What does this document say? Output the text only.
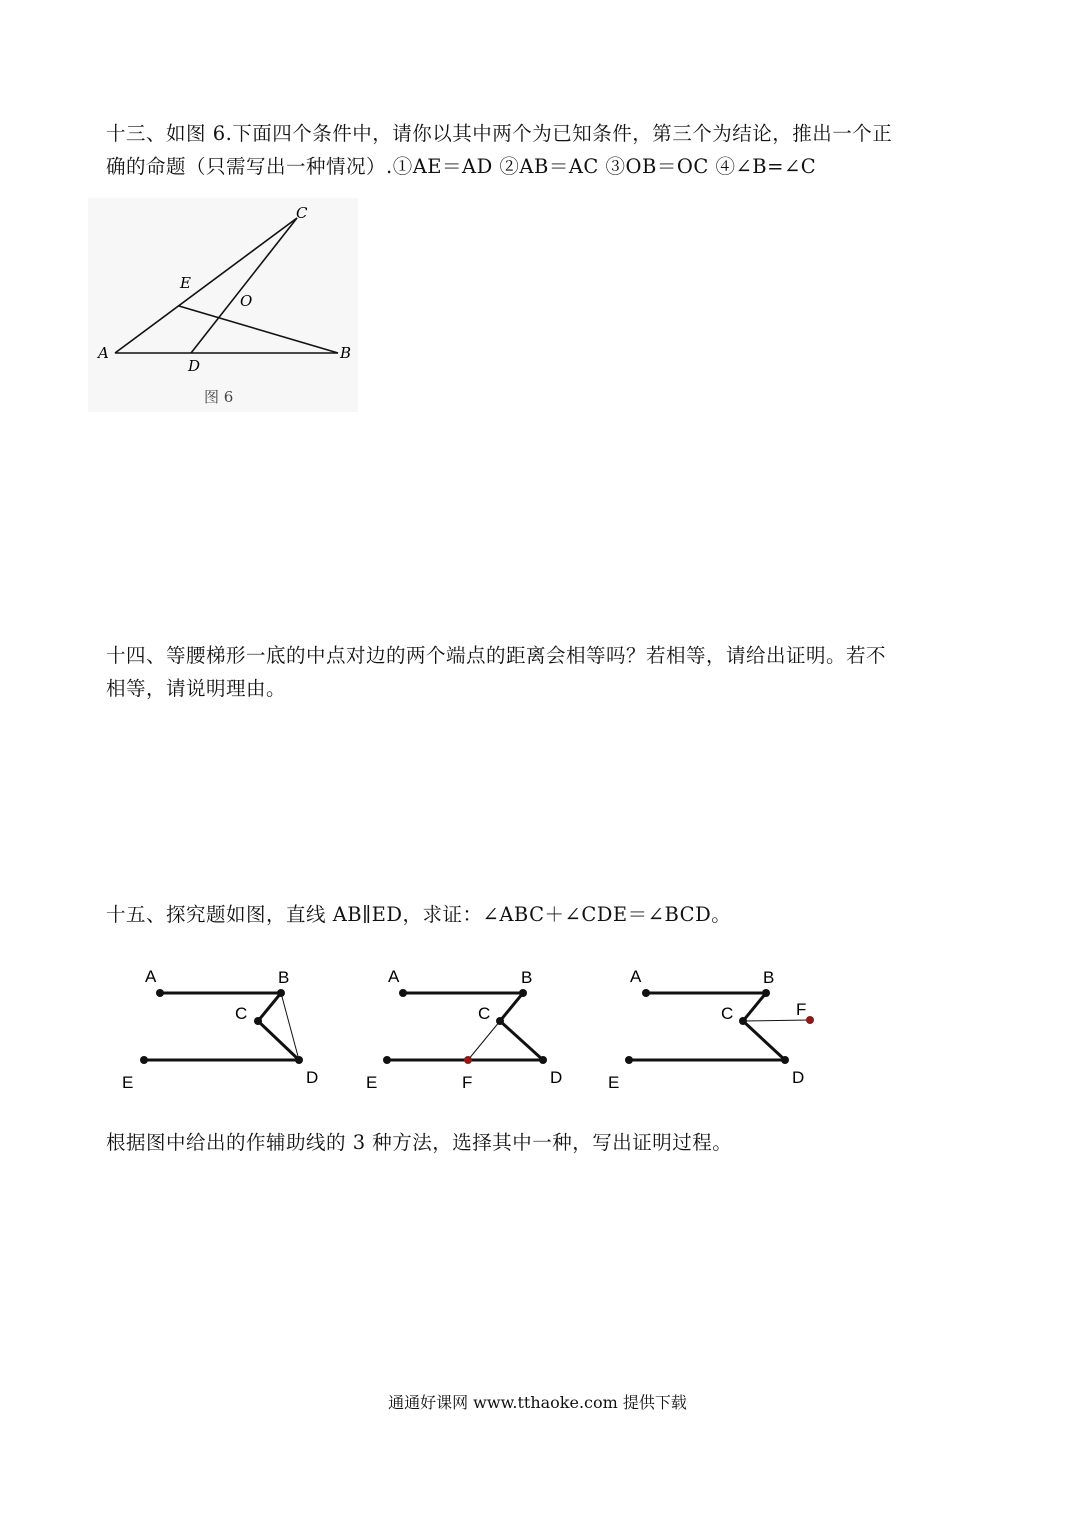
十三、如图 6.下面四个条件中，请你以其中两个为已知条件，第三个为结论，推出一个正
确的命题（只需写出一种情况）.①AE＝AD ②AB＝AC ③OB＝OC ④∠B=∠C

A	B
C
D
E
O
图 6

十四、等腰梯形一底的中点对边的两个端点的距离会相等吗？若相等，请给出证明。若不
相等，请说明理由。

十五、探究题如图，直线 AB∥ED，求证：∠ABC＋∠CDE＝∠BCD。

A	B
C
D
E
A	B
C
D
E	F
A	B
C
D
E
F

根据图中给出的作辅助线的 3 种方法，选择其中一种，写出证明过程。

通通好课网 www.tthaoke.com 提供下载
